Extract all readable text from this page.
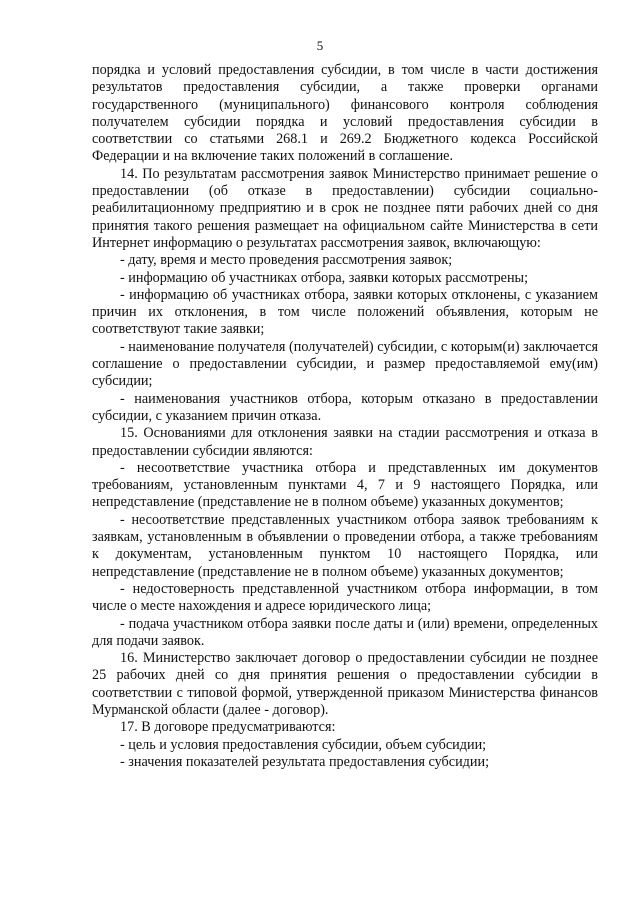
5

порядка и условий предоставления субсидии, в том числе в части достижения результатов предоставления субсидии, а также проверки органами государственного (муниципального) финансового контроля соблюдения получателем субсидии порядка и условий предоставления субсидии в соответствии со статьями 268.1 и 269.2 Бюджетного кодекса Российской Федерации и на включение таких положений в соглашение.

14. По результатам рассмотрения заявок Министерство принимает решение о предоставлении (об отказе в предоставлении) субсидии социально-реабилитационному предприятию и в срок не позднее пяти рабочих дней со дня принятия такого решения размещает на официальном сайте Министерства в сети Интернет информацию о результатах рассмотрения заявок, включающую:

- дату, время и место проведения рассмотрения заявок;

- информацию об участниках отбора, заявки которых рассмотрены;

- информацию об участниках отбора, заявки которых отклонены, с указанием причин их отклонения, в том числе положений объявления, которым не соответствуют такие заявки;

- наименование получателя (получателей) субсидии, с которым(и) заключается соглашение о предоставлении субсидии, и размер предоставляемой ему(им) субсидии;

- наименования участников отбора, которым отказано в предоставлении субсидии, с указанием причин отказа.

15. Основаниями для отклонения заявки на стадии рассмотрения и отказа в предоставлении субсидии являются:

- несоответствие участника отбора и представленных им документов требованиям, установленным пунктами 4, 7 и 9 настоящего Порядка, или непредставление (представление не в полном объеме) указанных документов;

- несоответствие представленных участником отбора заявок требованиям к заявкам, установленным в объявлении о проведении отбора, а также требованиям к документам, установленным пунктом 10 настоящего Порядка, или непредставление (представление не в полном объеме) указанных документов;

- недостоверность представленной участником отбора информации, в том числе о месте нахождения и адресе юридического лица;

- подача участником отбора заявки после даты и (или) времени, определенных для подачи заявок.

16. Министерство заключает договор о предоставлении субсидии не позднее 25 рабочих дней со дня принятия решения о предоставлении субсидии в соответствии с типовой формой, утвержденной приказом Министерства финансов Мурманской области (далее - договор).

17. В договоре предусматриваются:

- цель и условия предоставления субсидии, объем субсидии;

- значения показателей результата предоставления субсидии;
